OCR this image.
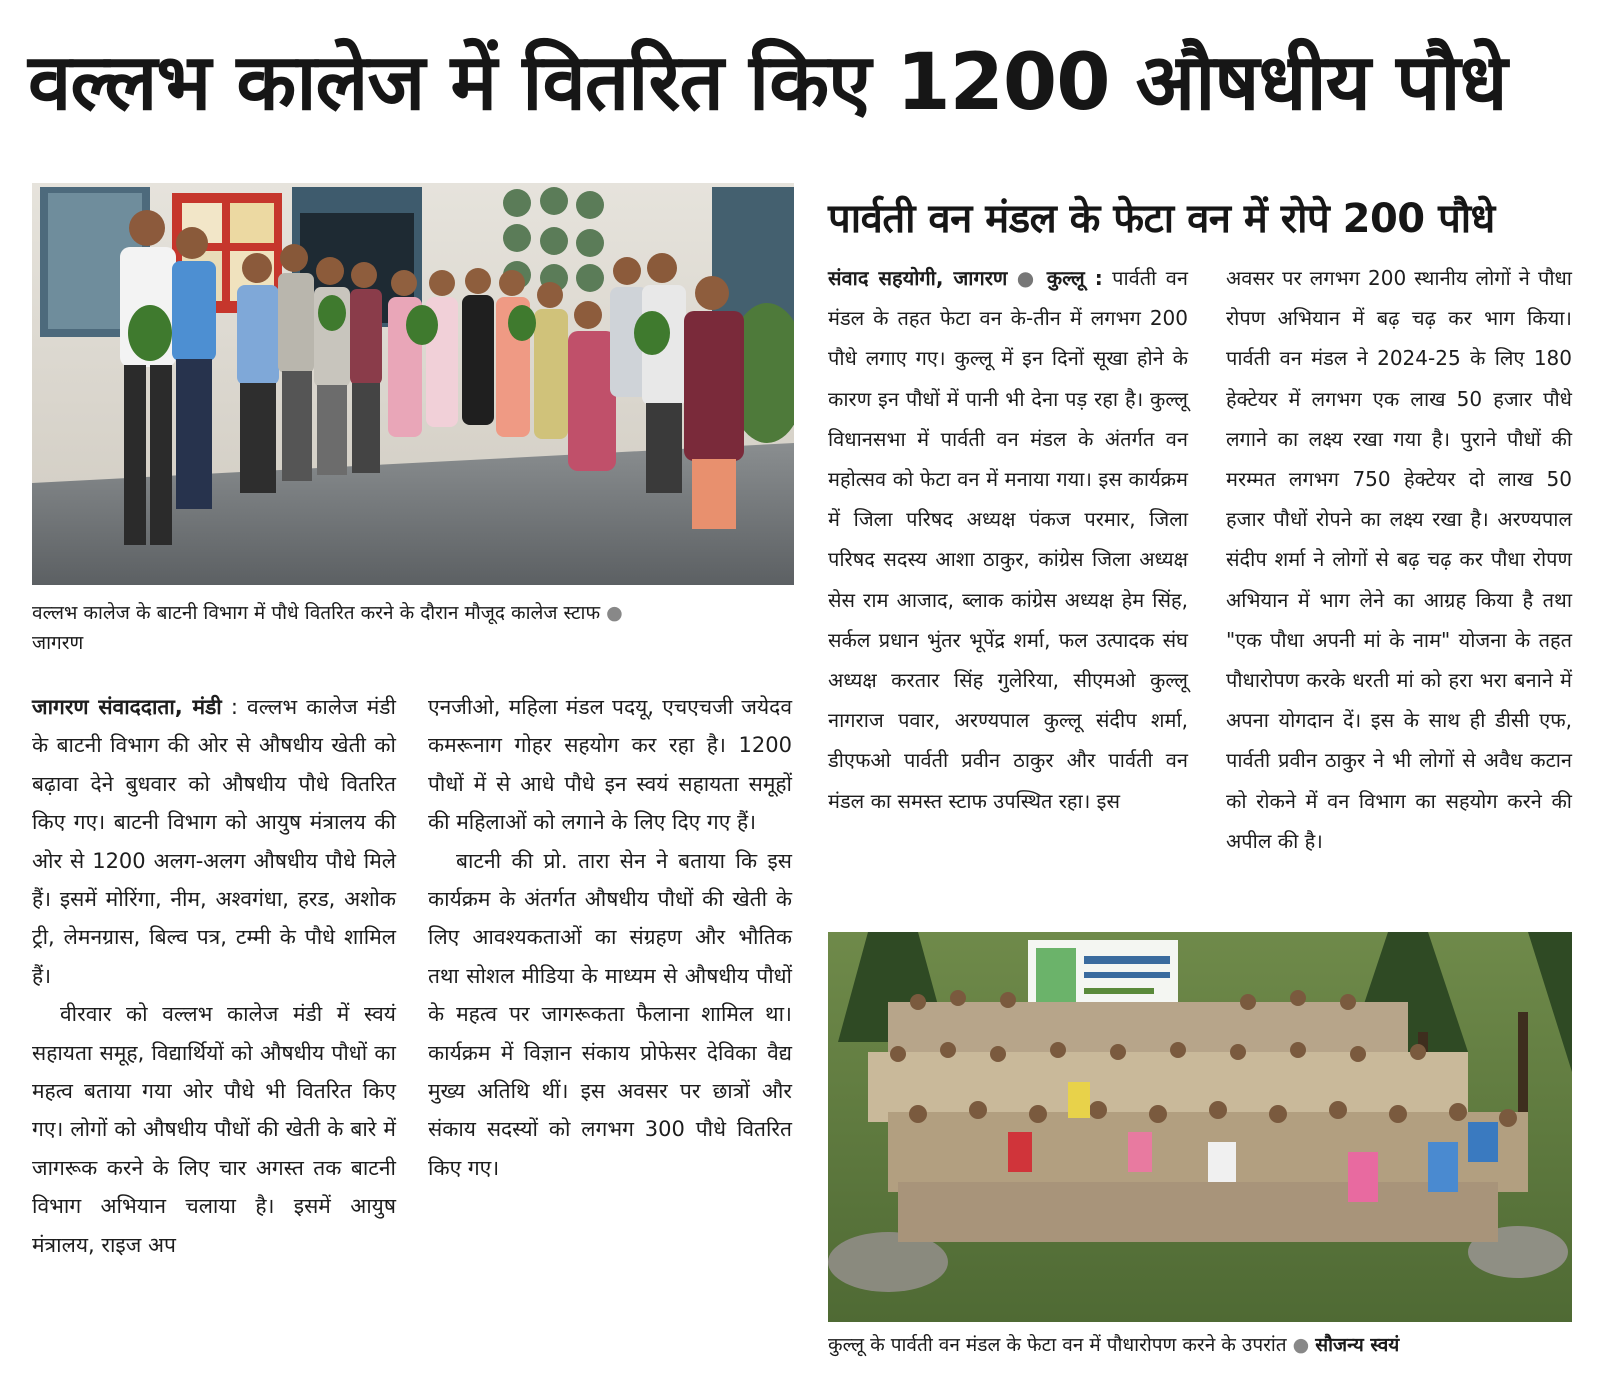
वल्लभ कालेज में वितरित किए 1200 औषधीय पौधे
वल्लभ कालेज के बाटनी विभाग में पौधे वितरित करने के दौरान मौजूद कालेज स्टाफ ●
जागरण

जागरण संवाददाता, मंडी : वल्लभ कालेज मंडी के बाटनी विभाग की ओर से औषधीय खेती को बढ़ावा देने बुधवार को औषधीय पौधे वितरित किए गए। बाटनी विभाग को आयुष मंत्रालय की ओर से 1200 अलग-अलग औषधीय पौधे मिले हैं। इसमें मोरिंगा, नीम, अश्वगंधा, हरड, अशोक ट्री, लेमनग्रास, बिल्व पत्र, टम्मी के पौधे शामिल हैं।

वीरवार को वल्लभ कालेज मंडी में स्वयं सहायता समूह, विद्यार्थियों को औषधीय पौधों का महत्व बताया गया ओर पौधे भी वितरित किए गए। लोगों को औषधीय पौधों की खेती के बारे में जागरूक करने के लिए चार अगस्त तक बाटनी विभाग अभियान चलाया है। इसमें आयुष मंत्रालय, राइज अप

एनजीओ, महिला मंडल पदयू, एचएचजी जयेदव कमरूनाग गोहर सहयोग कर रहा है। 1200 पौधों में से आधे पौधे इन स्वयं सहायता समूहों की महिलाओं को लगाने के लिए दिए गए हैं।

बाटनी की प्रो. तारा सेन ने बताया कि इस कार्यक्रम के अंतर्गत औषधीय पौधों की खेती के लिए आवश्यकताओं का संग्रहण और भौतिक तथा सोशल मीडिया के माध्यम से औषधीय पौधों के महत्व पर जागरूकता फैलाना शामिल था। कार्यक्रम में विज्ञान संकाय प्रोफेसर देविका वैद्य मुख्य अतिथि थीं। इस अवसर पर छात्रों और संकाय सदस्यों को लगभग 300 पौधे वितरित किए गए।

पार्वती वन मंडल के फेटा वन में रोपे 200 पौधे

संवाद सहयोगी, जागरण ● कुल्लू : पार्वती वन मंडल के तहत फेटा वन के-तीन में लगभग 200 पौधे लगाए गए। कुल्लू में इन दिनों सूखा होने के कारण इन पौधों में पानी भी देना पड़ रहा है। कुल्लू विधानसभा में पार्वती वन मंडल के अंतर्गत वन महोत्सव को फेटा वन में मनाया गया। इस कार्यक्रम में जिला परिषद अध्यक्ष पंकज परमार, जिला परिषद सदस्य आशा ठाकुर, कांग्रेस जिला अध्यक्ष सेस राम आजाद, ब्लाक कांग्रेस अध्यक्ष हेम सिंह, सर्कल प्रधान भुंतर भूपेंद्र शर्मा, फल उत्पादक संघ अध्यक्ष करतार सिंह गुलेरिया, सीएमओ कुल्लू नागराज पवार, अरण्यपाल कुल्लू संदीप शर्मा, डीएफओ पार्वती प्रवीन ठाकुर और पार्वती वन मंडल का समस्त स्टाफ उपस्थित रहा। इस

अवसर पर लगभग 200 स्थानीय लोगों ने पौधा रोपण अभियान में बढ़ चढ़ कर भाग किया। पार्वती वन मंडल ने 2024-25 के लिए 180 हेक्टेयर में लगभग एक लाख 50 हजार पौधे लगाने का लक्ष्य रखा गया है। पुराने पौधों की मरम्मत लगभग 750 हेक्टेयर दो लाख 50 हजार पौधों रोपने का लक्ष्य रखा है। अरण्यपाल संदीप शर्मा ने लोगों से बढ़ चढ़ कर पौधा रोपण अभियान में भाग लेने का आग्रह किया है तथा "एक पौधा अपनी मां के नाम" योजना के तहत पौधारोपण करके धरती मां को हरा भरा बनाने में अपना योगदान दें। इस के साथ ही डीसी एफ, पार्वती प्रवीन ठाकुर ने भी लोगों से अवैध कटान को रोकने में वन विभाग का सहयोग करने की अपील की है।

कुल्लू के पार्वती वन मंडल के फेटा वन में पौधारोपण करने के उपरांत ● सौजन्य स्वयं
